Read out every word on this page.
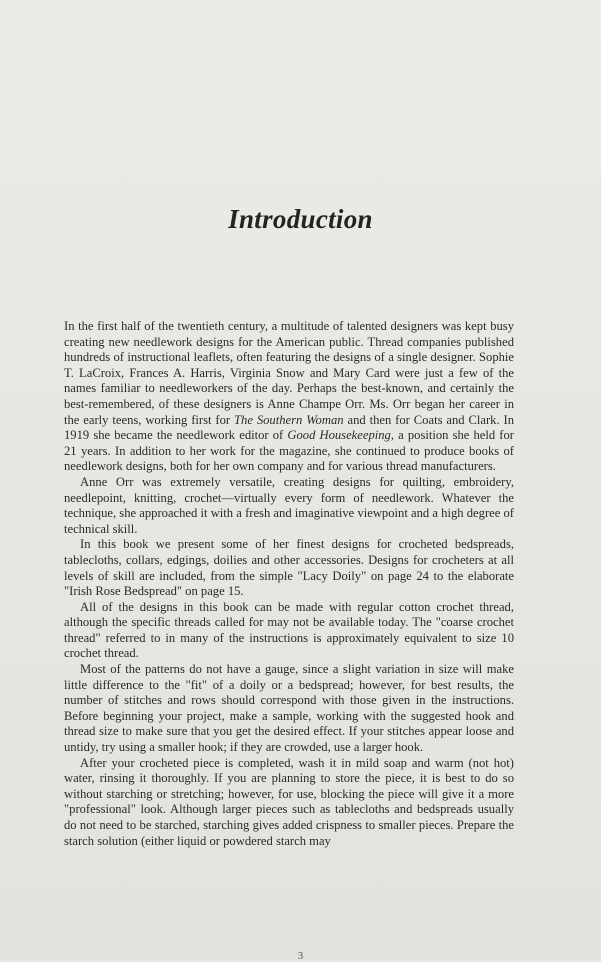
Introduction

In the first half of the twentieth century, a multitude of talented designers was kept busy creating new needlework designs for the American public. Thread companies published hundreds of instructional leaflets, often featuring the designs of a single designer. Sophie T. LaCroix, Frances A. Harris, Virginia Snow and Mary Card were just a few of the names familiar to needleworkers of the day. Perhaps the best-known, and certainly the best-remembered, of these designers is Anne Champe Orr. Ms. Orr began her career in the early teens, working first for The Southern Woman and then for Coats and Clark. In 1919 she became the needlework editor of Good Housekeeping, a position she held for 21 years. In addition to her work for the magazine, she continued to produce books of needlework designs, both for her own company and for various thread manufacturers.

Anne Orr was extremely versatile, creating designs for quilting, embroidery, needlepoint, knitting, crochet—virtually every form of needlework. Whatever the technique, she approached it with a fresh and imaginative viewpoint and a high degree of technical skill.

In this book we present some of her finest designs for crocheted bedspreads, tablecloths, collars, edgings, doilies and other accessories. Designs for crocheters at all levels of skill are included, from the simple "Lacy Doily" on page 24 to the elaborate "Irish Rose Bedspread" on page 15.

All of the designs in this book can be made with regular cotton crochet thread, although the specific threads called for may not be available today. The "coarse crochet thread" referred to in many of the instructions is approximately equivalent to size 10 crochet thread.

Most of the patterns do not have a gauge, since a slight variation in size will make little difference to the "fit" of a doily or a bedspread; however, for best results, the number of stitches and rows should correspond with those given in the instructions. Before beginning your project, make a sample, working with the suggested hook and thread size to make sure that you get the desired effect. If your stitches appear loose and untidy, try using a smaller hook; if they are crowded, use a larger hook.

After your crocheted piece is completed, wash it in mild soap and warm (not hot) water, rinsing it thoroughly. If you are planning to store the piece, it is best to do so without starching or stretching; however, for use, blocking the piece will give it a more "professional" look. Although larger pieces such as tablecloths and bedspreads usually do not need to be starched, starching gives added crispness to smaller pieces. Prepare the starch solution (either liquid or powdered starch may

3
